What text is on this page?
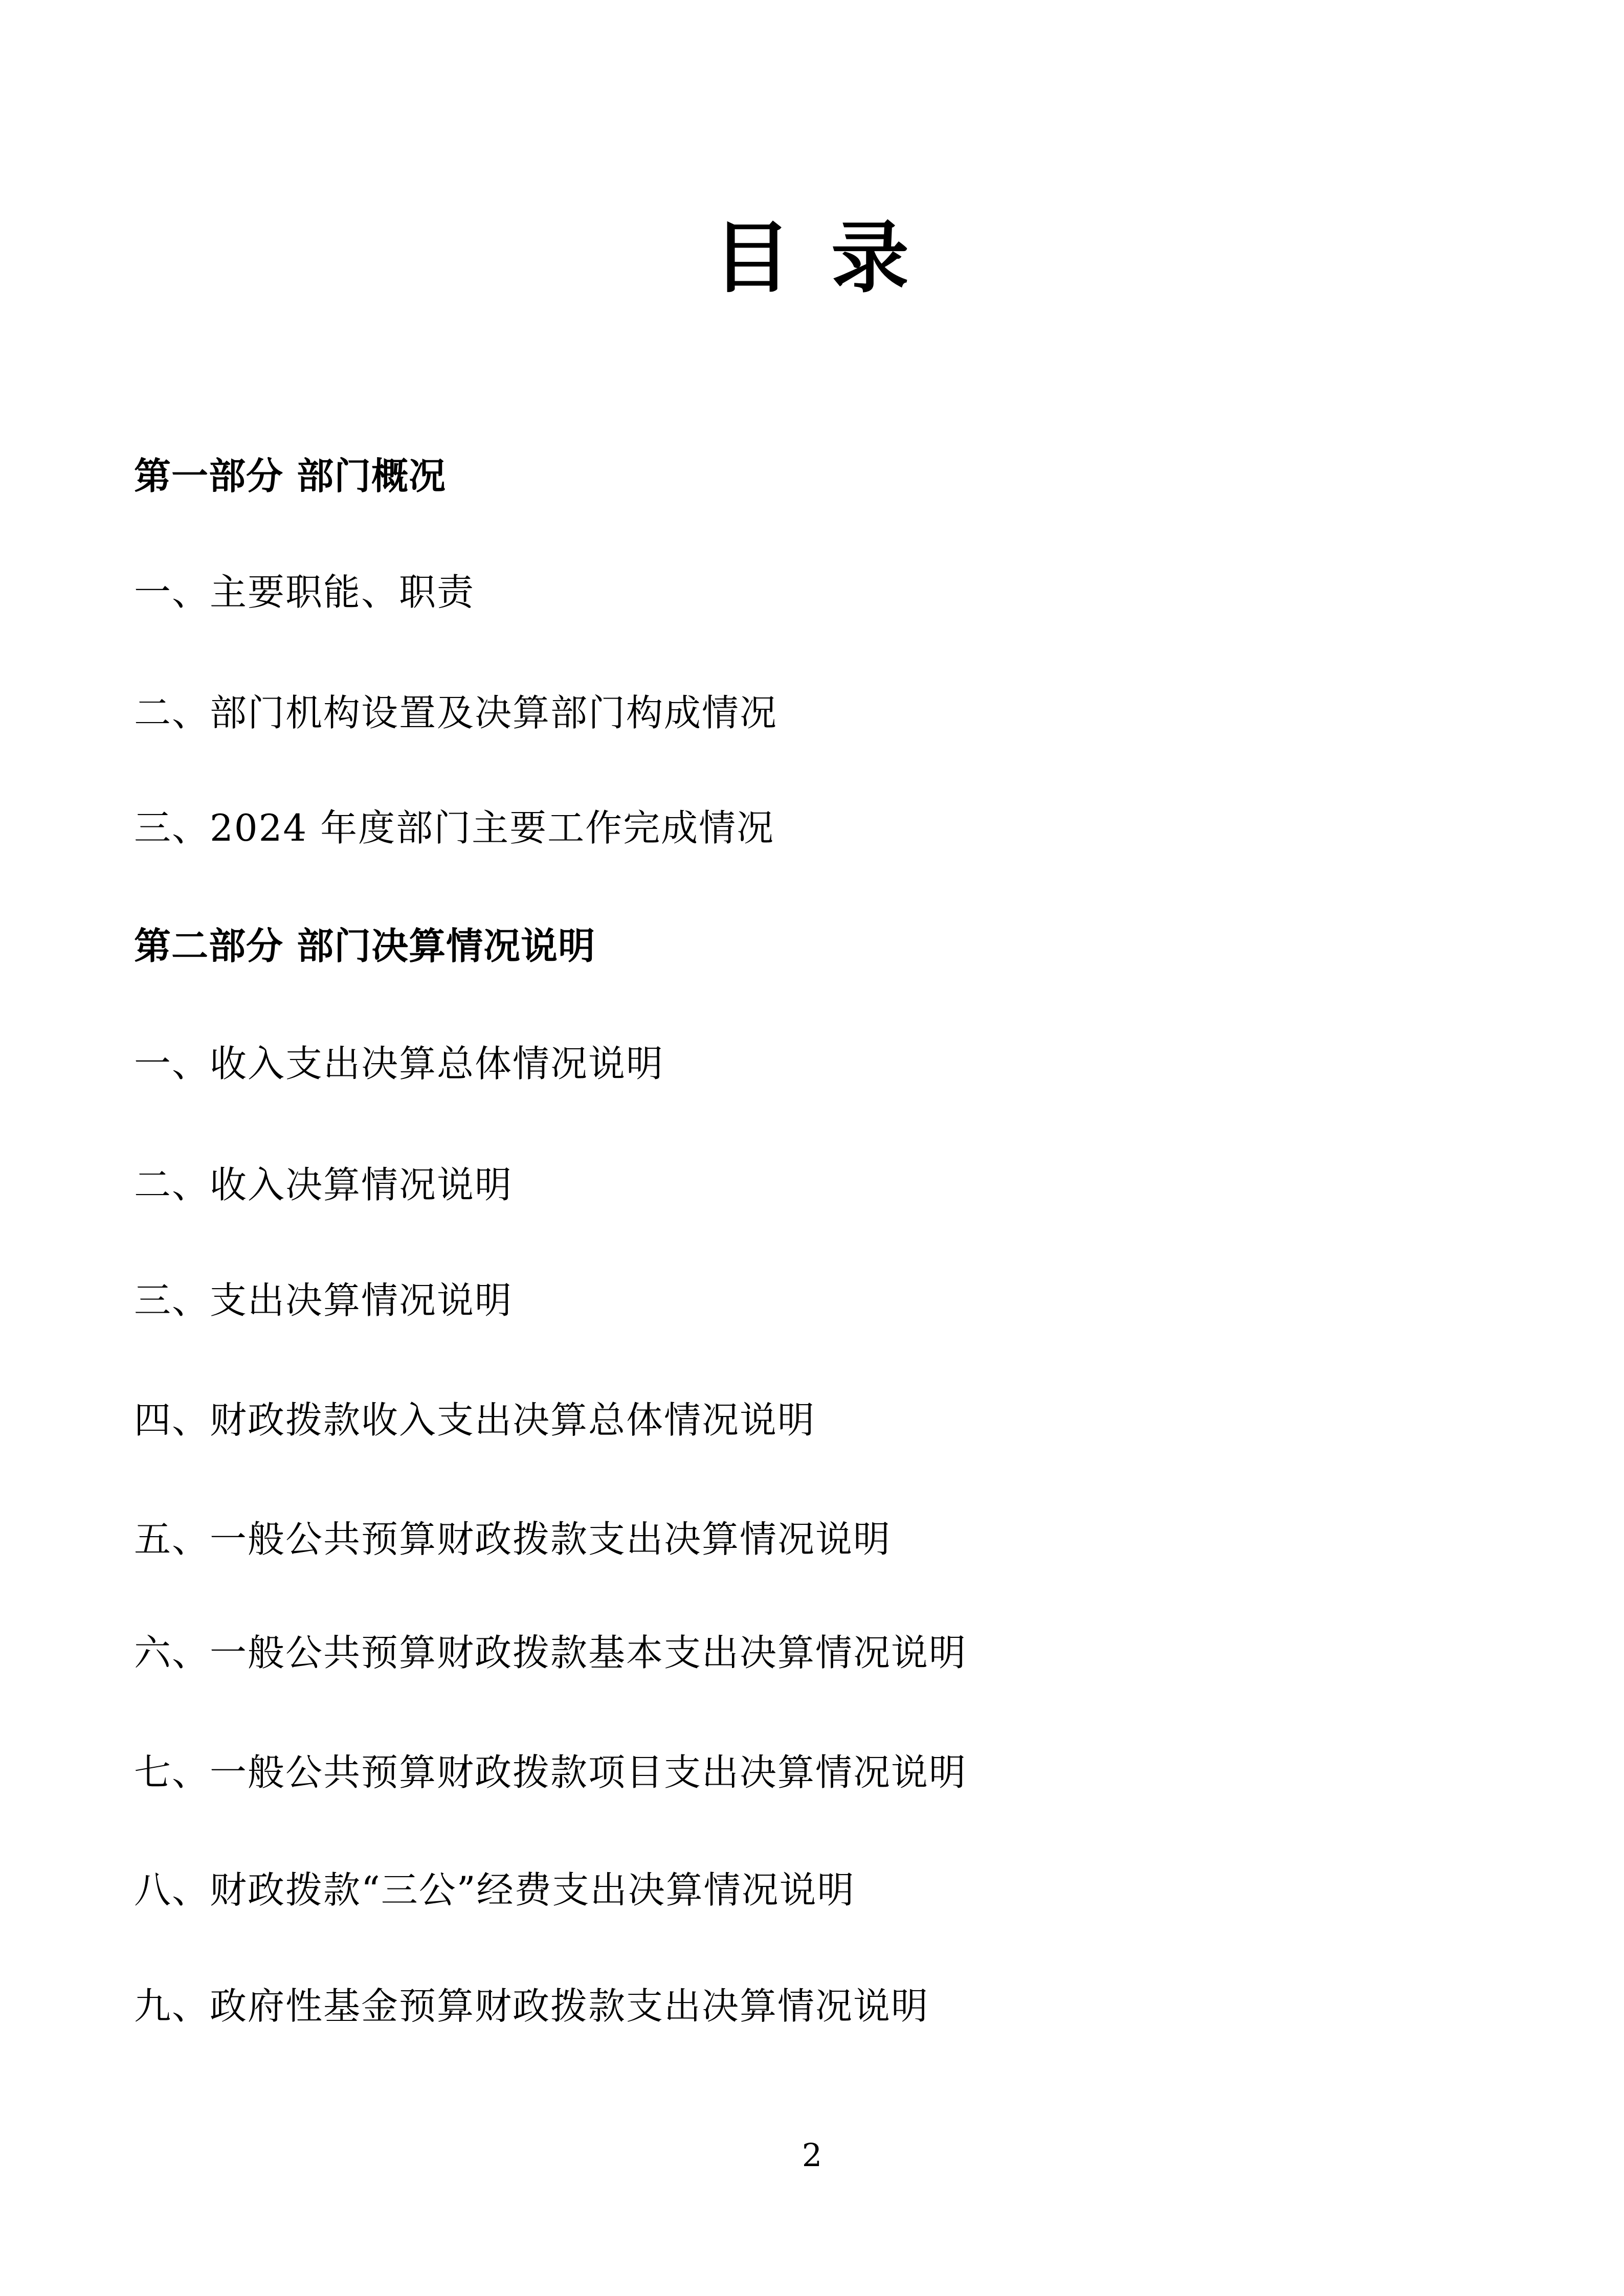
目 录
第一部分 部门概况
一、主要职能、职责
二、部门机构设置及决算部门构成情况
三、2024 年度部门主要工作完成情况
第二部分 部门决算情况说明
一、收入支出决算总体情况说明
二、收入决算情况说明
三、支出决算情况说明
四、财政拨款收入支出决算总体情况说明
五、一般公共预算财政拨款支出决算情况说明
六、一般公共预算财政拨款基本支出决算情况说明
七、一般公共预算财政拨款项目支出决算情况说明
八、财政拨款“三公”经费支出决算情况说明
九、政府性基金预算财政拨款支出决算情况说明
2
